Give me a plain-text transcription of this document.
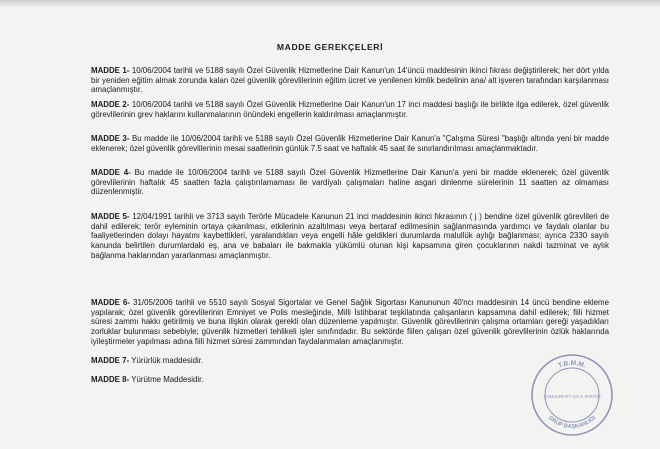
MADDE GEREKÇELERİ

MADDE 1- 10/06/2004 tarihli ve 5188 sayılı Özel Güvenlik Hizmetlerine Dair Kanun'un 14'üncü maddesinin ikinci fıkrası değiştirilerek; her dört yılda bir yeniden eğitim almak zorunda kalan özel güvenlik görevlilerinin eğitim ücret ve yenilenen kimlik bedelinin ana/ alt işveren tarafından karşılanması amaçlanmıştır.

MADDE 2- 10/06/2004 tarihli ve 5188 sayılı Özel Güvenlik Hizmetlerine Dair Kanun'un 17 inci maddesi başlığı ile birlikte ilga edilerek, özel güvenlik görevlilerinin grev haklarını kullanmalarının önündeki engellerin kaldırılması amaçlanmıştır.

MADDE 3- Bu madde ile 10/06/2004 tarihli ve 5188 sayılı Özel Güvenlik Hizmetlerine Dair Kanun'a "Çalışma Süresi "başlığı altında yeni bir madde eklenerek; özel güvenlik görevlilerinin mesai saatlerinin günlük 7.5 saat ve haftalık 45 saat ile sınırlandırılması amaçlanmaktadır.

MADDE 4- Bu madde ile 10/06/2004 tarihli ve 5188 sayılı Özel Güvenlik Hizmetlerine Dair Kanun'a yeni bir madde eklenerek; özel güvenlik görevlilerinin haftalık 45 saatten fazla çalıştırılamaması ile vardiyalı çalışmaları haline asgari dinlenme sürelerinin 11 saatten az olmaması düzenlenmiştir.

MADDE 5- 12/04/1991 tarihli ve 3713 sayılı Terörle Mücadele Kanunun 21 inci maddesinin ikinci fıkrasının ( j ) bendine özel güvenlik görevlileri de dahil edilerek; terör eyleminin ortaya çıkarılması, etkilerinin azaltılması veya bertaraf edilmesinin sağlanmasında yardımcı ve faydalı olanlar bu faaliyetlerinden dolayı hayatını kaybettikleri, yaralandıkları veya engelli hâle geldikleri durumlarda malullük aylığı bağlanması; ayrıca 2330 sayılı kanunda belirtilen durumlardaki eş, ana ve babaları ile bakmakla yükümlü olunan kişi kapsamına giren çocuklarının nakdi tazminat ve aylık bağlanma haklarından yararlanması amaçlanmıştır.

MADDE 6- 31/05/2006 tarihli ve 5510 sayılı Sosyal Sigortalar ve Genel Sağlık Sigortası Kanununun 40'ncı maddesinin 14 üncü bendine ekleme yapılarak; özel güvenlik görevlilerinin Emniyet ve Polis mesleğinde, Milli İstihbarat teşkilatında çalışanların kapsamına dahil edilerek; fiili hizmet süresi zammı hakkı getirilmiş ve buna ilişkin olarak gerekli olan düzenleme yapılmıştır. Güvenlik görevlilerinin çalışma ortamları gereği yaşadıkları zorluklar bulunması sebebiyle; güvenlik hizmetleri tehlikeli işler sınıfındadır. Bu sektörde fiilen çalışan özel güvenlik görevlilerinin özlük haklarında iyileştirmeler yapılması adına fiili hizmet süresi zammından faydalanmaları amaçlanmıştır.

MADDE 7- Yürürlük maddesidir.

MADDE 8- Yürütme Maddesidir.

T.B.M.M.
GRUP BAŞKANLIĞI
CUMHURİYET HALK PARTİSİ
